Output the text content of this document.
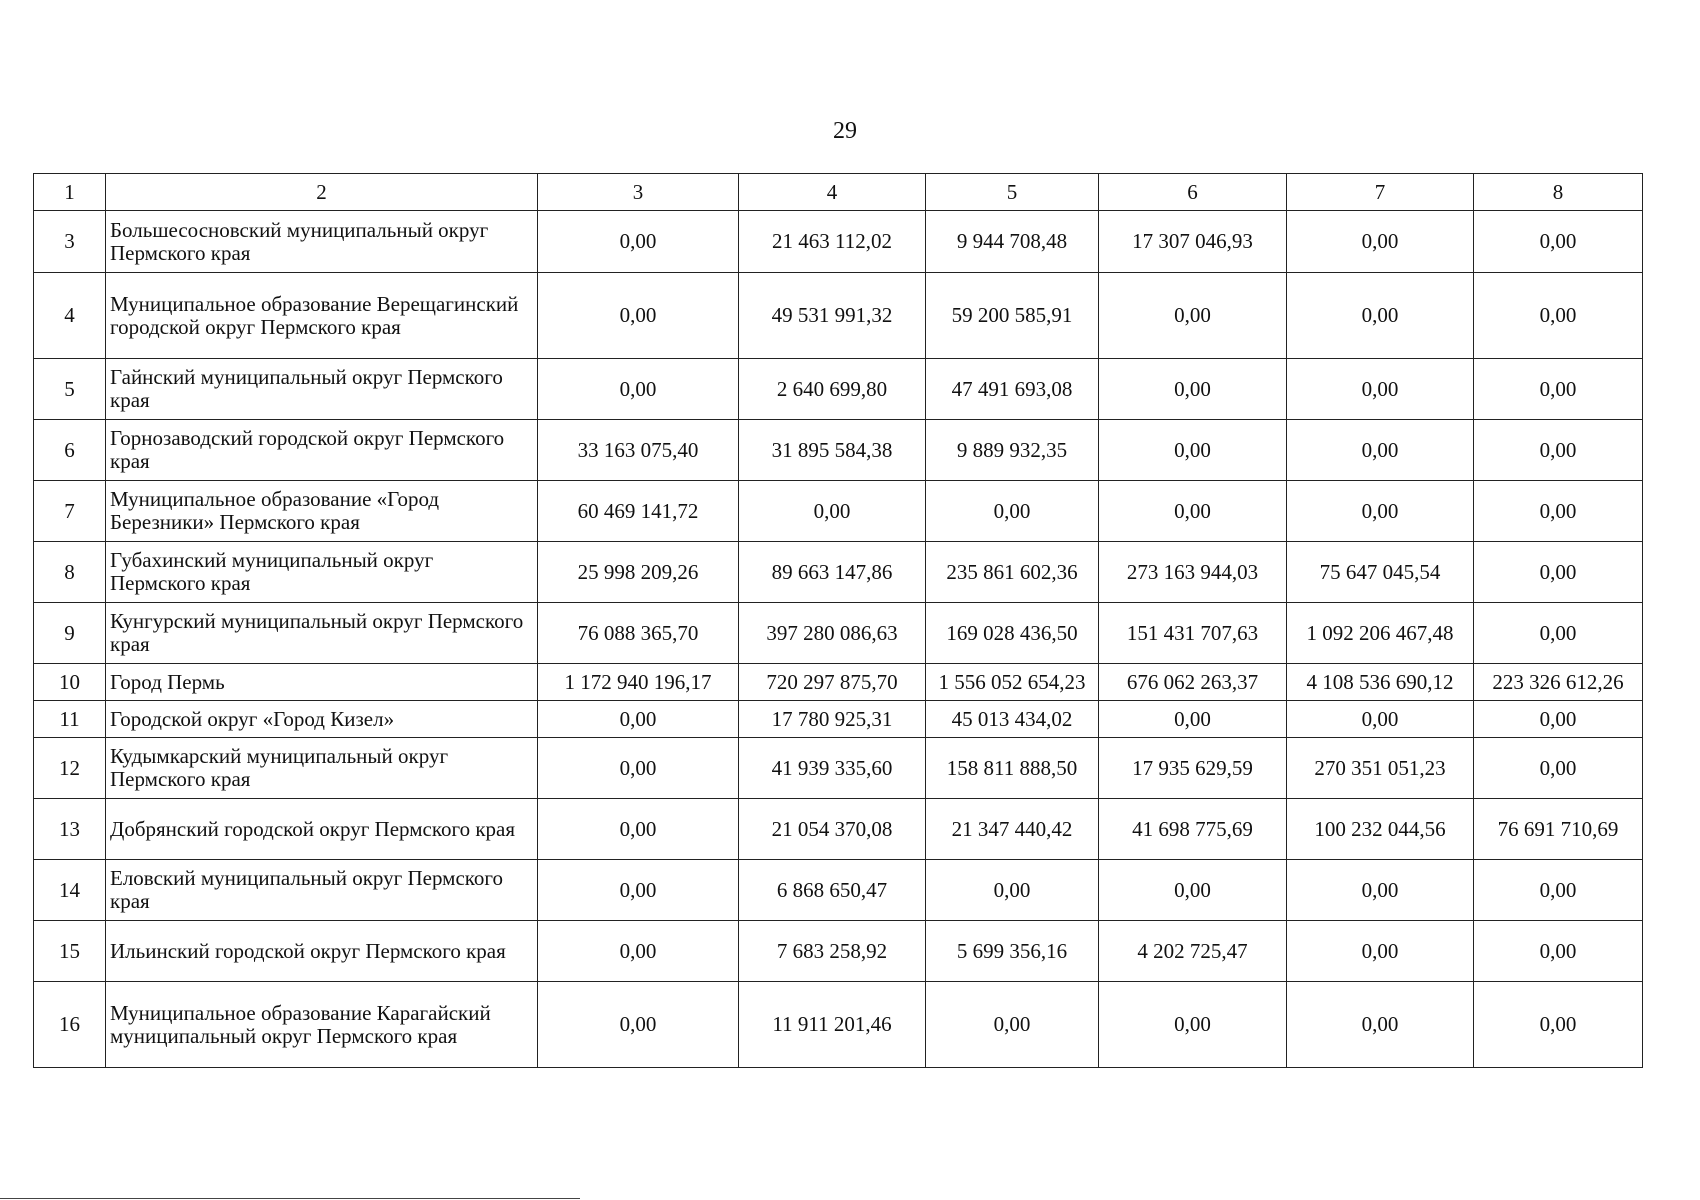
29
1	2	3	4	5	6	7	8
3	Большесосновский муниципальный округ Пермского края	0,00	21 463 112,02	9 944 708,48	17 307 046,93	0,00	0,00
4	Муниципальное образование Верещагинский городской округ Пермского края	0,00	49 531 991,32	59 200 585,91	0,00	0,00	0,00
5	Гайнский муниципальный округ Пермского края	0,00	2 640 699,80	47 491 693,08	0,00	0,00	0,00
6	Горнозаводский городской округ Пермского края	33 163 075,40	31 895 584,38	9 889 932,35	0,00	0,00	0,00
7	Муниципальное образование «Город Березники» Пермского края	60 469 141,72	0,00	0,00	0,00	0,00	0,00
8	Губахинский муниципальный округ Пермского края	25 998 209,26	89 663 147,86	235 861 602,36	273 163 944,03	75 647 045,54	0,00
9	Кунгурский муниципальный округ Пермского края	76 088 365,70	397 280 086,63	169 028 436,50	151 431 707,63	1 092 206 467,48	0,00
10	Город Пермь	1 172 940 196,17	720 297 875,70	1 556 052 654,23	676 062 263,37	4 108 536 690,12	223 326 612,26
11	Городской округ «Город Кизел»	0,00	17 780 925,31	45 013 434,02	0,00	0,00	0,00
12	Кудымкарский муниципальный округ Пермского края	0,00	41 939 335,60	158 811 888,50	17 935 629,59	270 351 051,23	0,00
13	Добрянский городской округ Пермского края	0,00	21 054 370,08	21 347 440,42	41 698 775,69	100 232 044,56	76 691 710,69
14	Еловский муниципальный округ Пермского края	0,00	6 868 650,47	0,00	0,00	0,00	0,00
15	Ильинский городской округ Пермского края	0,00	7 683 258,92	5 699 356,16	4 202 725,47	0,00	0,00
16	Муниципальное образование Карагайский муниципальный округ Пермского края	0,00	11 911 201,46	0,00	0,00	0,00	0,00
